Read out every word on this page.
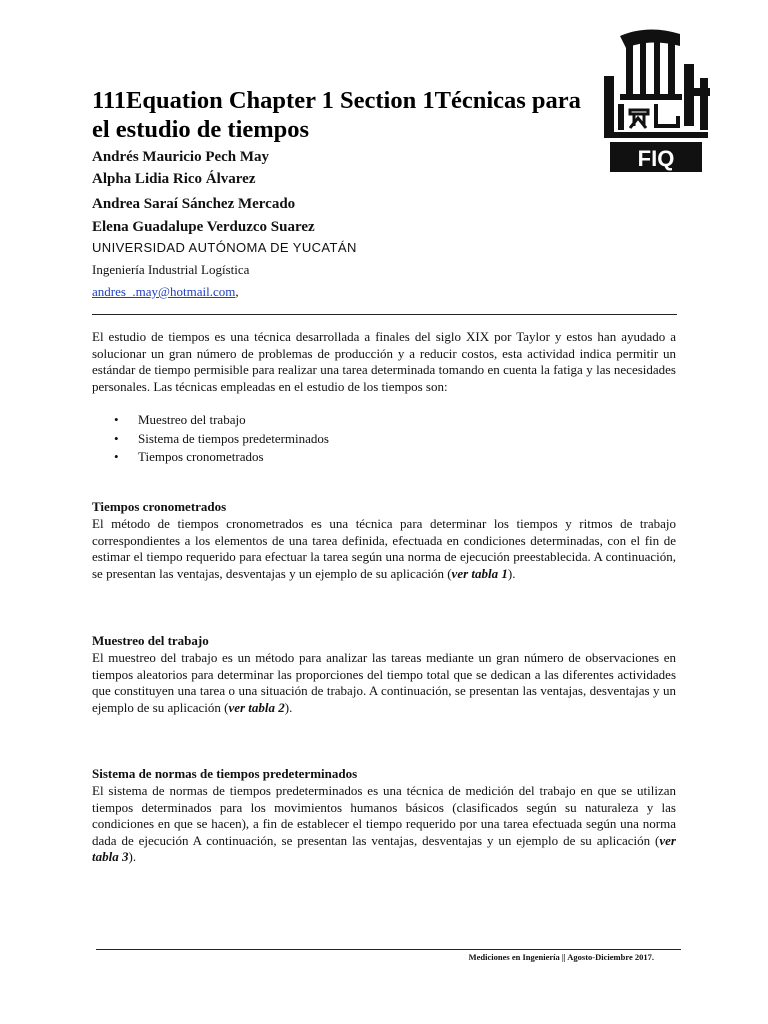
FIQ
111Equation Chapter 1 Section 1Técnicas para el estudio de tiempos
Andrés Mauricio Pech May
Alpha Lidia Rico Álvarez
Andrea Saraí Sánchez Mercado
Elena Guadalupe Verduzco Suarez
UNIVERSIDAD AUTÓNOMA DE YUCATÁN
Ingeniería Industrial Logística
andres_.may@hotmail.com,

El estudio de tiempos es una técnica desarrollada a finales del siglo XIX por Taylor y estos han ayudado a solucionar un gran número de problemas de producción y a reducir costos, esta actividad indica permitir un estándar de tiempo permisible para realizar una tarea determinada tomando en cuenta la fatiga y las necesidades personales. Las técnicas empleadas en el estudio de los tiempos son:

• Muestreo del trabajo
• Sistema de tiempos predeterminados
• Tiempos cronometrados
Tiempos cronometrados

El método de tiempos cronometrados es una técnica para determinar los tiempos y ritmos de trabajo correspondientes a los elementos de una tarea definida, efectuada en condiciones determinadas, con el fin de estimar el tiempo requerido para efectuar la tarea según una norma de ejecución preestablecida. A continuación, se presentan las ventajas, desventajas y un ejemplo de su aplicación (ver tabla 1).

Muestreo del trabajo

El muestreo del trabajo es un método para analizar las tareas mediante un gran número de observaciones en tiempos aleatorios para determinar las proporciones del tiempo total que se dedican a las diferentes actividades que constituyen una tarea o una situación de trabajo. A continuación, se presentan las ventajas, desventajas y un ejemplo de su aplicación (ver tabla 2).

Sistema de normas de tiempos predeterminados

El sistema de normas de tiempos predeterminados es una técnica de medición del trabajo en que se utilizan tiempos determinados para los movimientos humanos básicos (clasificados según su naturaleza y las condiciones en que se hacen), a fin de establecer el tiempo requerido por una tarea efectuada según una norma dada de ejecución A continuación, se presentan las ventajas, desventajas y un ejemplo de su aplicación (ver tabla 3).

Mediciones en Ingeniería || Agosto-Diciembre 2017.
